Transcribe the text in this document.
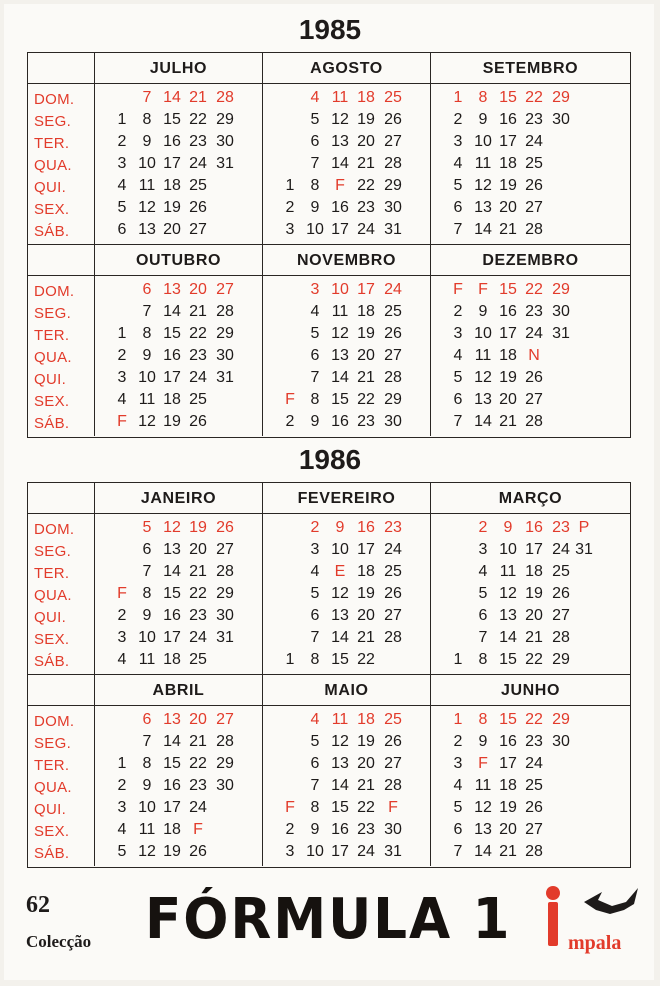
1985
DOM.
SEG.
TER.
QUA.
QUI.
SEX.
SÁB.
JULHO
1
2
3
4
5
6
7
8
9
10
11
12
13
14
15
16
17
18
19
20
21
22
23
24
25
26
27
28
29
30
31
AGOSTO
1
2
3
4
5
6
7
8
9
10
11
12
13
14
F
16
17
18
19
20
21
22
23
24
25
26
27
28
29
30
31
SETEMBRO
1
2
3
4
5
6
7
8
9
10
11
12
13
14
15
16
17
18
19
20
21
22
23
24
25
26
27
28
29
30
DOM.
SEG.
TER.
QUA.
QUI.
SEX.
SÁB.
OUTUBRO
1
2
3
4
F
6
7
8
9
10
11
12
13
14
15
16
17
18
19
20
21
22
23
24
25
26
27
28
29
30
31
NOVEMBRO
F
2
3
4
5
6
7
8
9
10
11
12
13
14
15
16
17
18
19
20
21
22
23
24
25
26
27
28
29
30
DEZEMBRO
F
2
3
4
5
6
7
F
9
10
11
12
13
14
15
16
17
18
19
20
21
22
23
24
N
26
27
28
29
30
31
1986
DOM.
SEG.
TER.
QUA.
QUI.
SEX.
SÁB.
JANEIRO
F
2
3
4
5
6
7
8
9
10
11
12
13
14
15
16
17
18
19
20
21
22
23
24
25
26
27
28
29
30
31
FEVEREIRO
1
2
3
4
5
6
7
8
9
10
E
12
13
14
15
16
17
18
19
20
21
22
23
24
25
26
27
28
MARÇO
1
2
3
4
5
6
7
8
9
10
11
12
13
14
15
16
17
18
19
20
21
22
23
24
25
26
27
28
29
P
31
DOM.
SEG.
TER.
QUA.
QUI.
SEX.
SÁB.
ABRIL
1
2
3
4
5
6
7
8
9
10
11
12
13
14
15
16
17
18
19
20
21
22
23
24
F
26
27
28
29
30
MAIO
F
2
3
4
5
6
7
8
9
10
11
12
13
14
15
16
17
18
19
20
21
22
23
24
25
26
27
28
F
30
31
JUNHO
1
2
3
4
5
6
7
8
9
F
11
12
13
14
15
16
17
18
19
20
21
22
23
24
25
26
27
28
29
30
62
Colecção FÓRMULA 1	mpala
